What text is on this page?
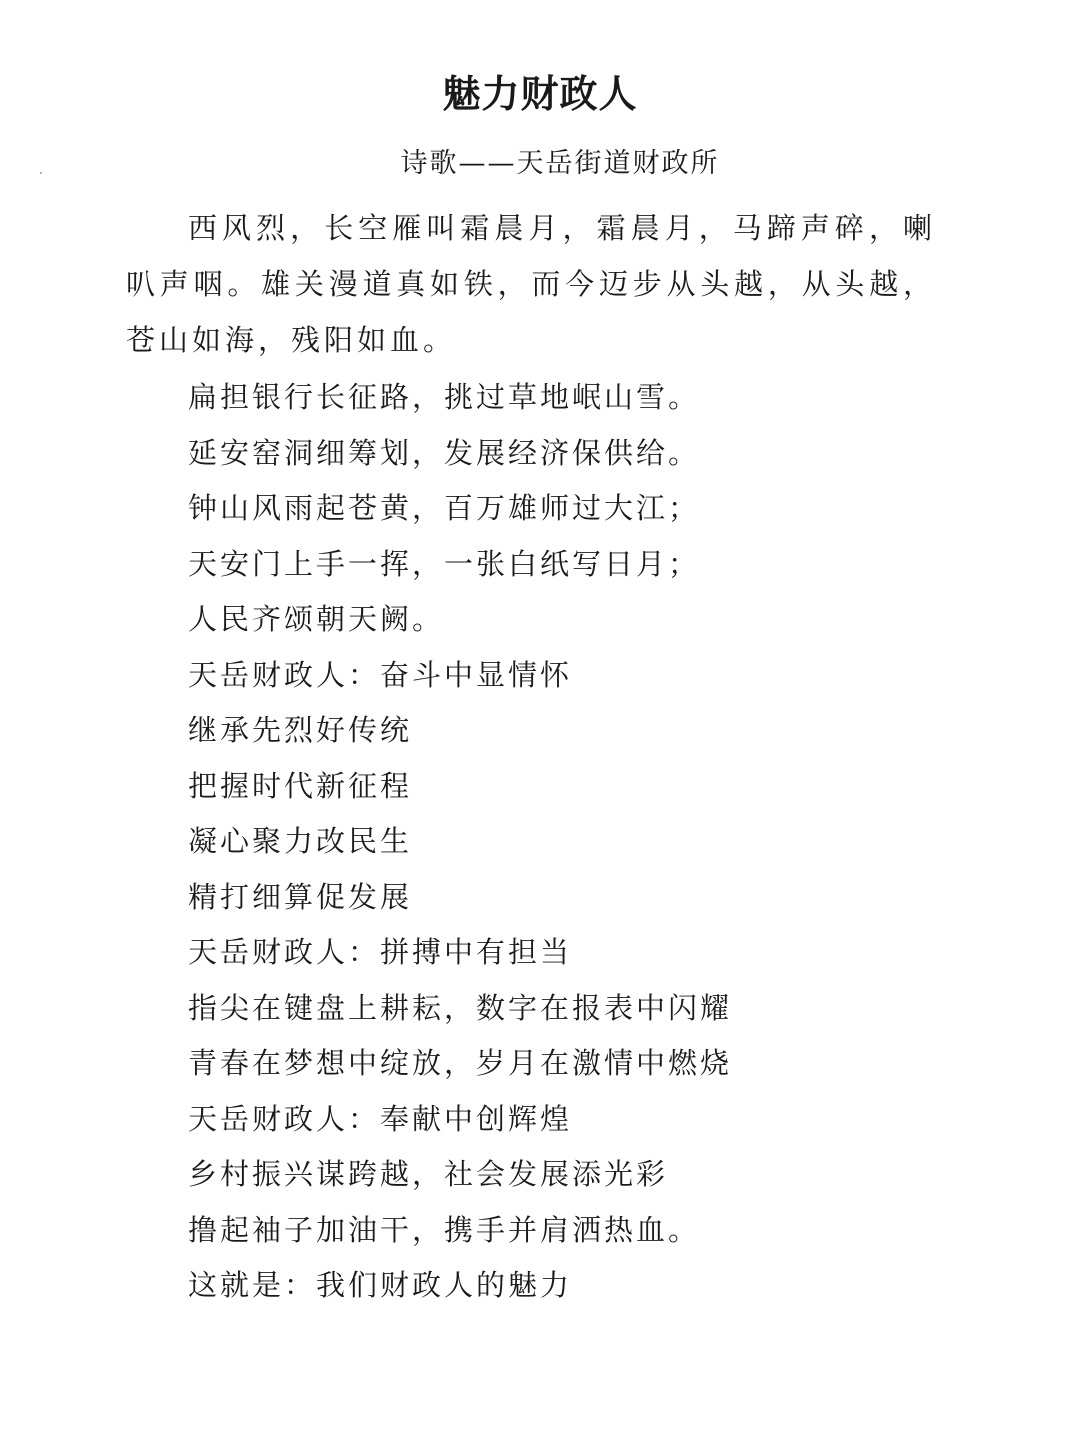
魅力财政人
诗歌——天岳街道财政所

西风烈，长空雁叫霜晨月，霜晨月，马蹄声碎，喇叭声咽。雄关漫道真如铁，而今迈步从头越，从头越，苍山如海，残阳如血。

扁担银行长征路，挑过草地岷山雪。
延安窑洞细筹划，发展经济保供给。
钟山风雨起苍黄，百万雄师过大江；
天安门上手一挥，一张白纸写日月；
人民齐颂朝天阙。
天岳财政人：奋斗中显情怀
继承先烈好传统
把握时代新征程
凝心聚力改民生
精打细算促发展
天岳财政人：拼搏中有担当
指尖在键盘上耕耘，数字在报表中闪耀
青春在梦想中绽放，岁月在激情中燃烧
天岳财政人：奉献中创辉煌
乡村振兴谋跨越，社会发展添光彩
撸起袖子加油干，携手并肩洒热血。
这就是：我们财政人的魅力
